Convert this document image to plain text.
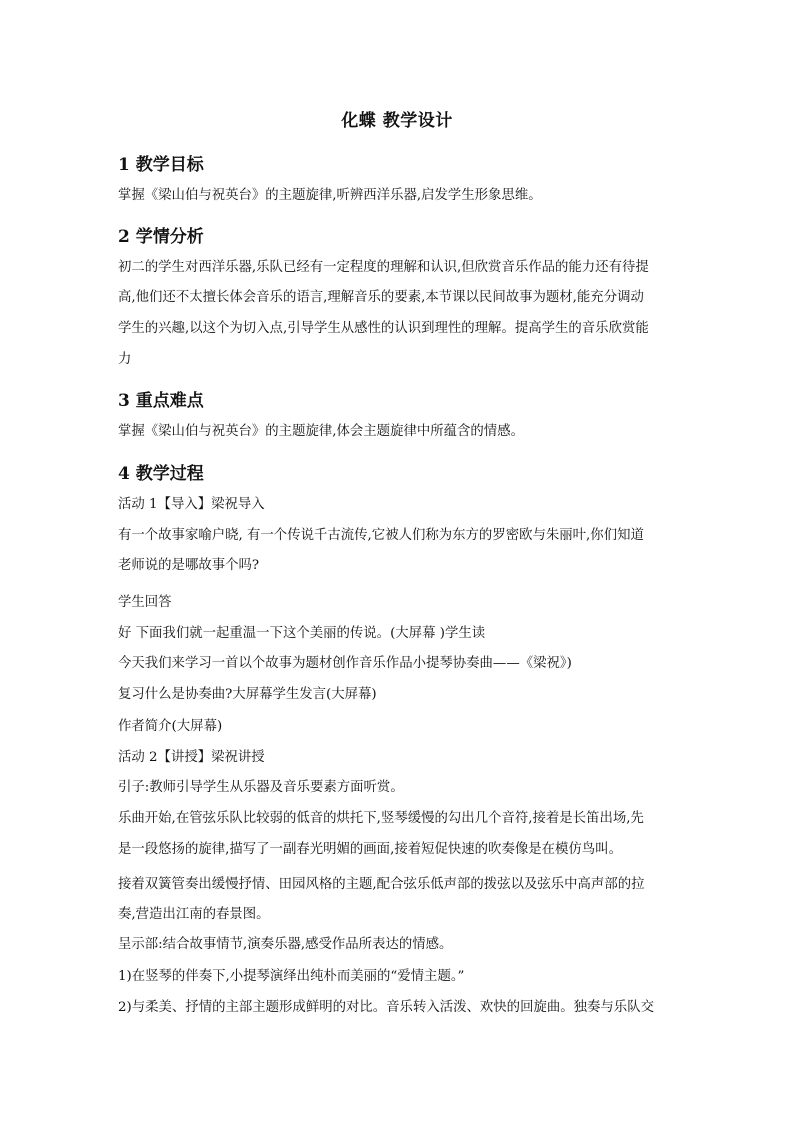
化蝶 教学设计
1 教学目标
掌握《梁山伯与祝英台》的主题旋律,听辨西洋乐器,启发学生形象思维。
2 学情分析
初二的学生对西洋乐器,乐队已经有一定程度的理解和认识,但欣赏音乐作品的能力还有待提
高,他们还不太擅长体会音乐的语言,理解音乐的要素,本节课以民间故事为题材,能充分调动
学生的兴趣,以这个为切入点,引导学生从感性的认识到理性的理解。提高学生的音乐欣赏能
力
3 重点难点
掌握《梁山伯与祝英台》的主题旋律,体会主题旋律中所蕴含的情感。
4 教学过程
活动 1【导入】梁祝导入
有一个故事家喻户晓, 有一个传说千古流传,它被人们称为东方的罗密欧与朱丽叶,你们知道
老师说的是哪故事个吗?
学生回答
好 下面我们就一起重温一下这个美丽的传说。(大屏幕 )学生读
今天我们来学习一首以个故事为题材创作音乐作品小提琴协奏曲——《梁祝》)
复习什么是协奏曲?大屏幕学生发言(大屏幕)
作者简介(大屏幕)
活动 2【讲授】梁祝讲授
引子:教师引导学生从乐器及音乐要素方面听赏。
乐曲开始,在管弦乐队比较弱的低音的烘托下,竖琴缓慢的勾出几个音符,接着是长笛出场,先
是一段悠扬的旋律,描写了一副春光明媚的画面,接着短促快速的吹奏像是在模仿鸟叫。
接着双簧管奏出缓慢抒情、田园风格的主题,配合弦乐低声部的拨弦以及弦乐中高声部的拉
奏,营造出江南的春景图。
呈示部:结合故事情节,演奏乐器,感受作品所表达的情感。
1)在竖琴的伴奏下,小提琴演绎出纯朴而美丽的“爱情主题。”
2)与柔美、抒情的主部主题形成鲜明的对比。音乐转入活泼、欢快的回旋曲。独奏与乐队交
